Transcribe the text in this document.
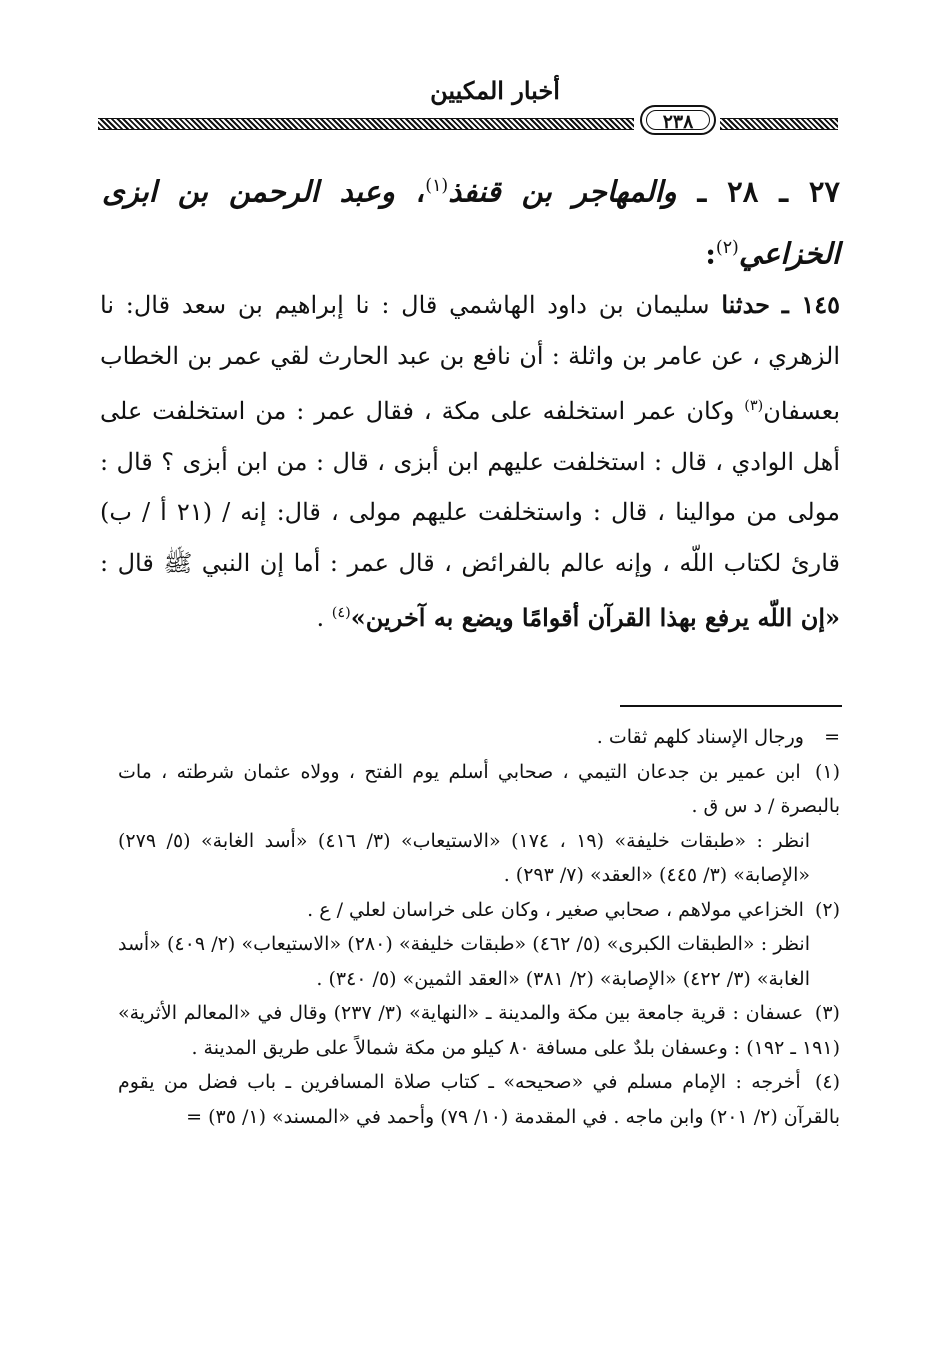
أخبار المكيين
٢٣٨
٢٧ ـ ٢٨ ـ والمهاجر بن قنفذ$^{(١)}$، وعبد الرحمن بن ابزى الخزاعي$^{(٢)}$:
١٤٥ ـ حدثنا سليمان بن داود الهاشمي قال : نا إبراهيم بن سعد قال: نا الزهري ، عن عامر بن واثلة : أن نافع بن عبد الحارث لقي عمر بن الخطاب بعسفان$^{(٣)}$ وكان عمر استخلفه على مكة ، فقال عمر : من استخلفت على أهل الوادي ، قال : استخلفت عليهم ابن أبزى ، قال : من ابن أبزى ؟ قال : مولى من موالينا ، قال : واستخلفت عليهم مولى ، قال: إنه / (٢١ أ / ب) قارئ لكتاب اللّه ، وإنه عالم بالفرائض ، قال عمر : أما إن النبي ﷺ قال : «إن اللّه يرفع بهذا القرآن أقوامًا ويضع به آخرين»$^{(٤)}$ .
= ورجال الإسناد كلهم ثقات .

(١) ابن عمير بن جدعان التيمي ، صحابي أسلم يوم الفتح ، وولاه عثمان شرطته ، مات بالبصرة / د س ق .

انظر : «طبقات خليفة» (١٩ ، ١٧٤) «الاستيعاب» (٣/ ٤١٦) «أسد الغابة» (٥/ ٢٧٩) «الإصابة» (٣/ ٤٤٥) «العقد» (٧/ ٢٩٣) .

(٢) الخزاعي مولاهم ، صحابي صغير ، وكان على خراسان لعلي / ع .

انظر : «الطبقات الكبرى» (٥/ ٤٦٢) «طبقات خليفة» (٢٨٠) «الاستيعاب» (٢/ ٤٠٩) «أسد الغابة» (٣/ ٤٢٢) «الإصابة» (٢/ ٣٨١) «العقد الثمين» (٥/ ٣٤٠) .

(٣) عسفان : قرية جامعة بين مكة والمدينة ـ «النهاية» (٣/ ٢٣٧) وقال في «المعالم الأثرية» (١٩١ ـ ١٩٢) : وعسفان بلدٌ على مسافة ٨٠ كيلو من مكة شمالاً على طريق المدينة .

(٤) أخرجه : الإمام مسلم في «صحيحه» ـ كتاب صلاة المسافرين ـ باب فضل من يقوم بالقرآن (٢/ ٢٠١) وابن ماجه . في المقدمة (١٠/ ٧٩) وأحمد في «المسند» (١/ ٣٥) =
